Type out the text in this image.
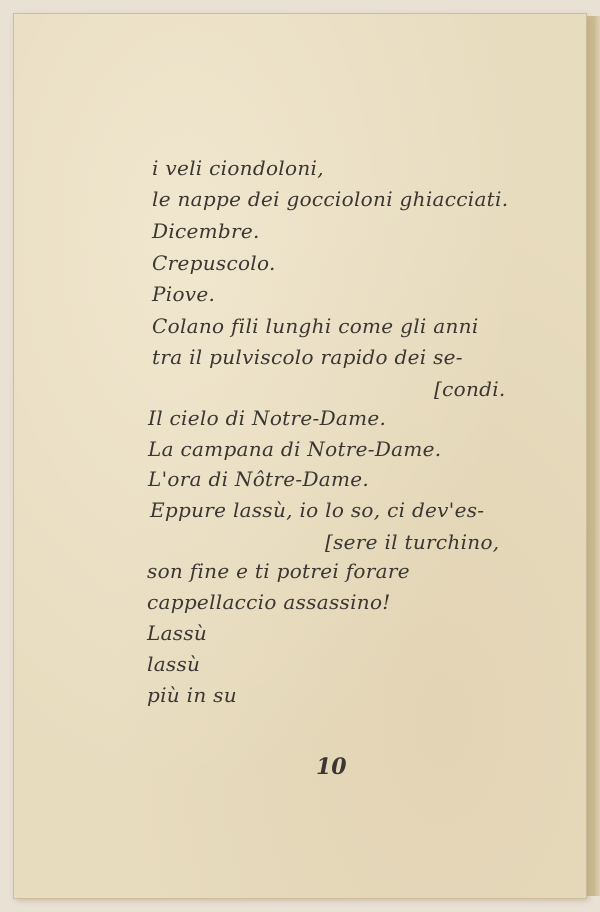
i veli ciondoloni,
le nappe dei goccioloni ghiacciati.
Dicembre.
Crepuscolo.
Piove.
Colano fili lunghi come gli anni
tra il pulviscolo rapido dei se-
[condi.
Il cielo di Notre-Dame.
La campana di Notre-Dame.
L'ora di Nôtre-Dame.
Eppure lassù, io lo so, ci dev'es-
[sere il turchino,
son fine e ti potrei forare
cappellaccio assassino!
Lassù
lassù
più in su
10
